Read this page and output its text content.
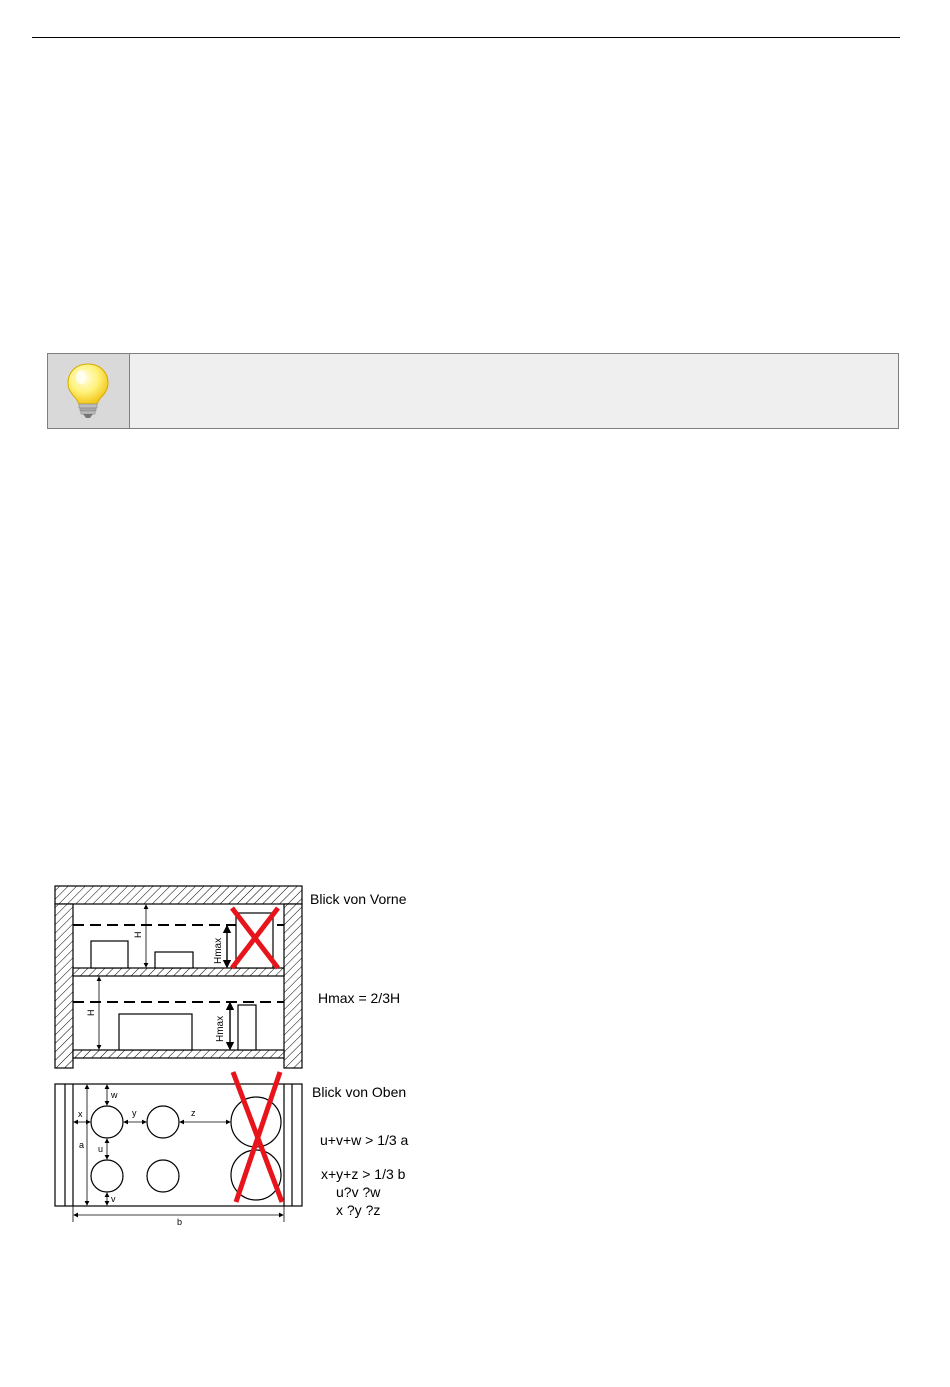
H
Hmax
H
Hmax
x	y	z
w
u
v
a
b
Blick von Vorne
Hmax = 2/3H
Blick von Oben
u+v+w > 1/3 a
x+y+z > 1/3 b
u?v ?w
x ?y ?z
